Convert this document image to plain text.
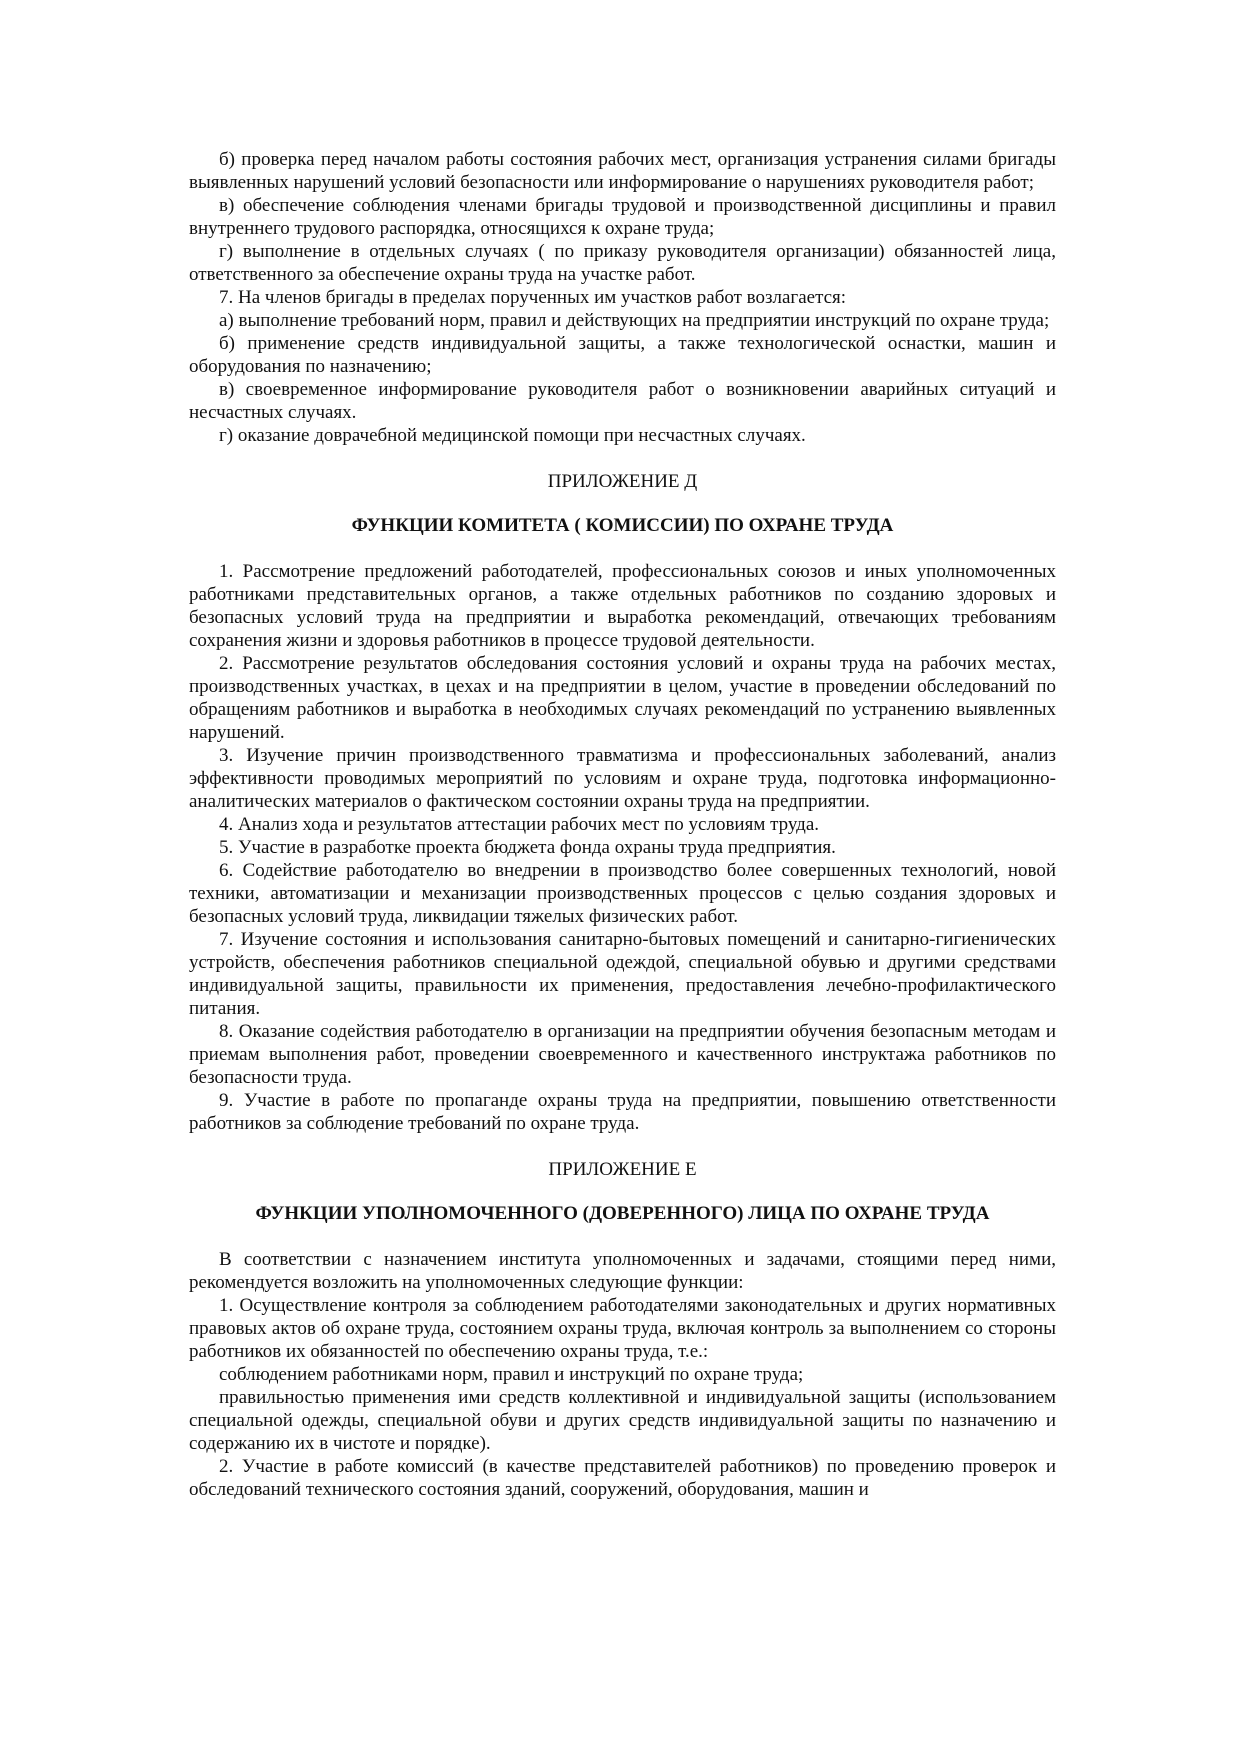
б) проверка перед началом работы состояния рабочих мест, организация устранения силами бригады выявленных нарушений условий безопасности или информирование о нарушениях руководителя работ;

в) обеспечение соблюдения членами бригады трудовой и производственной дисциплины и правил внутреннего трудового распорядка, относящихся к охране труда;

г) выполнение в отдельных случаях ( по приказу руководителя организации) обязанностей лица, ответственного за обеспечение охраны труда на участке работ.

7. На членов бригады в пределах порученных им участков работ возлагается:

а) выполнение требований норм, правил и действующих на предприятии инструкций по охране труда;

б) применение средств индивидуальной защиты, а также технологической оснастки, машин и оборудования по назначению;

в) своевременное информирование руководителя работ о возникновении аварийных ситуаций и несчастных случаях.

г) оказание доврачебной медицинской помощи при несчастных случаях.

ПРИЛОЖЕНИЕ Д

ФУНКЦИИ КОМИТЕТА ( КОМИССИИ) ПО ОХРАНЕ ТРУДА

1. Рассмотрение предложений работодателей, профессиональных союзов и иных уполномоченных работниками представительных органов, а также отдельных работников по созданию здоровых и безопасных условий труда на предприятии и выработка рекомендаций, отвечающих требованиям сохранения жизни и здоровья работников в процессе трудовой деятельности.

2. Рассмотрение результатов обследования состояния условий и охраны труда на рабочих местах, производственных участках, в цехах и на предприятии в целом, участие в проведении обследований по обращениям работников и выработка в необходимых случаях рекомендаций по устранению выявленных нарушений.

3. Изучение причин производственного травматизма и профессиональных заболеваний, анализ эффективности проводимых мероприятий по условиям и охране труда, подготовка информационно-аналитических материалов о фактическом состоянии охраны труда на предприятии.

4. Анализ хода и результатов аттестации рабочих мест по условиям труда.

5. Участие в разработке проекта бюджета фонда охраны труда предприятия.

6. Содействие работодателю во внедрении в производство более совершенных технологий, новой техники, автоматизации и механизации производственных процессов с целью создания здоровых и безопасных условий труда, ликвидации тяжелых физических работ.

7. Изучение состояния и использования санитарно-бытовых помещений и санитарно-гигиенических устройств, обеспечения работников специальной одеждой, специальной обувью и другими средствами индивидуальной защиты, правильности их применения, предоставления лечебно-профилактического питания.

8. Оказание содействия работодателю в организации на предприятии обучения безопасным методам и приемам выполнения работ, проведении своевременного и качественного инструктажа работников по безопасности труда.

9. Участие в работе по пропаганде охраны труда на предприятии, повышению ответственности работников за соблюдение требований по охране труда.

ПРИЛОЖЕНИЕ Е

ФУНКЦИИ УПОЛНОМОЧЕННОГО (ДОВЕРЕННОГО) ЛИЦА ПО ОХРАНЕ ТРУДА

В соответствии с назначением института уполномоченных и задачами, стоящими перед ними, рекомендуется возложить на уполномоченных следующие функции:

1. Осуществление контроля за соблюдением работодателями законодательных и других нормативных правовых актов об охране труда, состоянием охраны труда, включая контроль за выполнением со стороны работников их обязанностей по обеспечению охраны труда, т.е.:

соблюдением работниками норм, правил и инструкций по охране труда;

правильностью применения ими средств коллективной и индивидуальной защиты (использованием специальной одежды, специальной обуви и других средств индивидуальной защиты по назначению и содержанию их в чистоте и порядке).

2. Участие в работе комиссий (в качестве представителей работников) по проведению проверок и обследований технического состояния зданий, сооружений, оборудования, машин и
